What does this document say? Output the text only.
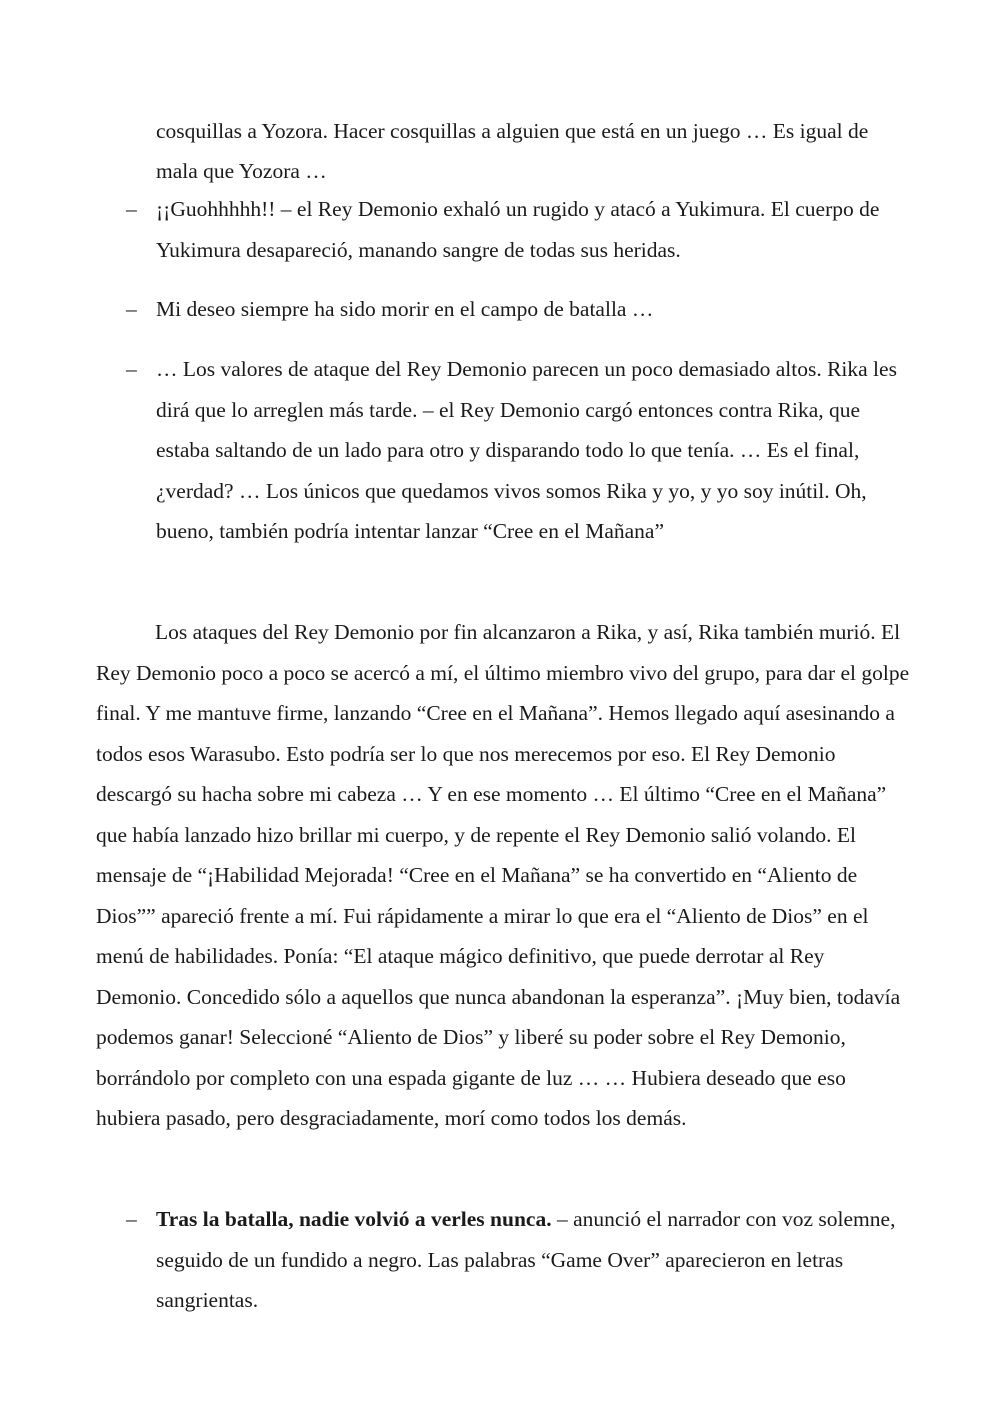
cosquillas a Yozora. Hacer cosquillas a alguien que está en un juego … Es igual de mala que Yozora …

– ¡¡Guohhhhh!! – el Rey Demonio exhaló un rugido y atacó a Yukimura. El cuerpo de Yukimura desapareció, manando sangre de todas sus heridas.
– Mi deseo siempre ha sido morir en el campo de batalla …
– … Los valores de ataque del Rey Demonio parecen un poco demasiado altos. Rika les dirá que lo arreglen más tarde. – el Rey Demonio cargó entonces contra Rika, que estaba saltando de un lado para otro y disparando todo lo que tenía. … Es el final, ¿verdad? … Los únicos que quedamos vivos somos Rika y yo, y yo soy inútil. Oh, bueno, también podría intentar lanzar “Cree en el Mañana”

Los ataques del Rey Demonio por fin alcanzaron a Rika, y así, Rika también murió. El Rey Demonio poco a poco se acercó a mí, el último miembro vivo del grupo, para dar el golpe final. Y me mantuve firme, lanzando “Cree en el Mañana”. Hemos llegado aquí asesinando a todos esos Warasubo. Esto podría ser lo que nos merecemos por eso. El Rey Demonio descargó su hacha sobre mi cabeza … Y en ese momento … El último “Cree en el Mañana” que había lanzado hizo brillar mi cuerpo, y de repente el Rey Demonio salió volando. El mensaje de “¡Habilidad Mejorada! “Cree en el Mañana” se ha convertido en “Aliento de Dios”” apareció frente a mí. Fui rápidamente a mirar lo que era el “Aliento de Dios” en el menú de habilidades. Ponía: “El ataque mágico definitivo, que puede derrotar al Rey Demonio. Concedido sólo a aquellos que nunca abandonan la esperanza”. ¡Muy bien, todavía podemos ganar! Seleccioné “Aliento de Dios” y liberé su poder sobre el Rey Demonio, borrándolo por completo con una espada gigante de luz … … Hubiera deseado que eso hubiera pasado, pero desgraciadamente, morí como todos los demás.

– Tras la batalla, nadie volvió a verles nunca. – anunció el narrador con voz solemne, seguido de un fundido a negro. Las palabras “Game Over” aparecieron en letras sangrientas.
